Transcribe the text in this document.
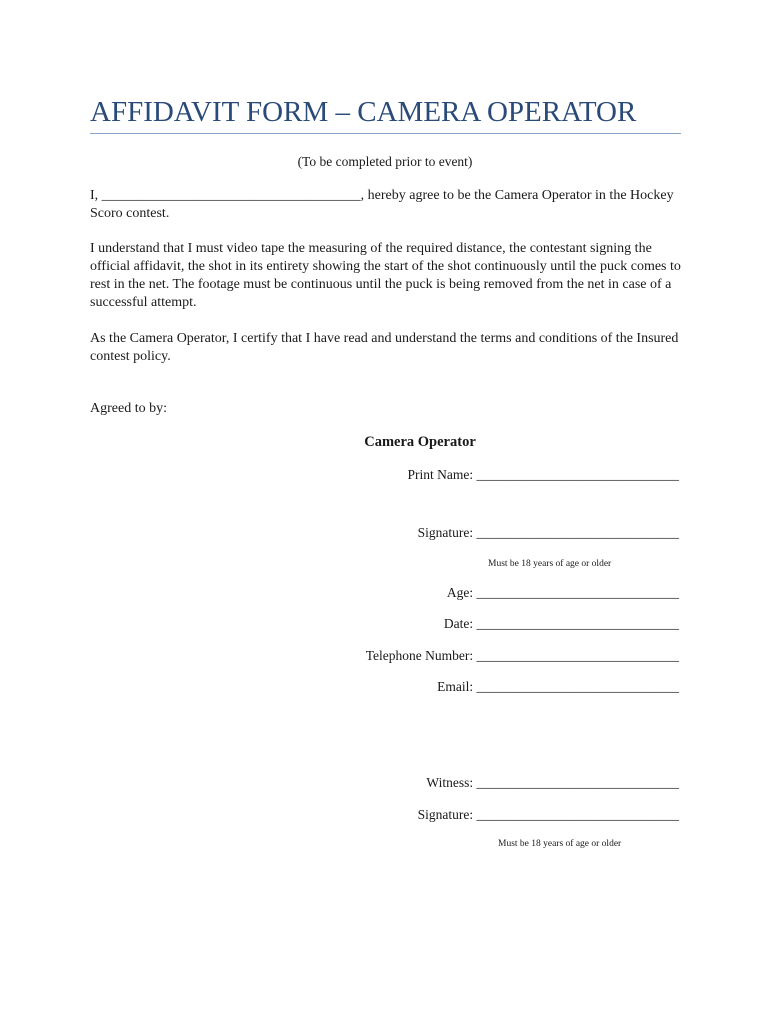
AFFIDAVIT FORM – CAMERA OPERATOR
(To be completed prior to event)
I, _____________________________________, hereby agree to be the Camera Operator in the Hockey Scoro contest.
I understand that I must video tape the measuring of the required distance, the contestant signing the official affidavit, the shot in its entirety showing the start of the shot continuously until the puck comes to rest in the net. The footage must be continuous until the puck is being removed from the net in case of a successful attempt.
As the Camera Operator, I certify that I have read and understand the terms and conditions of the Insured contest policy.
Agreed to by:
Camera Operator
Print Name: ______________________________
Signature: ______________________________
Must be 18 years of age or older
Age: ______________________________
Date: ______________________________
Telephone Number: ______________________________
Email: ______________________________
Witness: ______________________________
Signature: ______________________________
Must be 18 years of age or older
